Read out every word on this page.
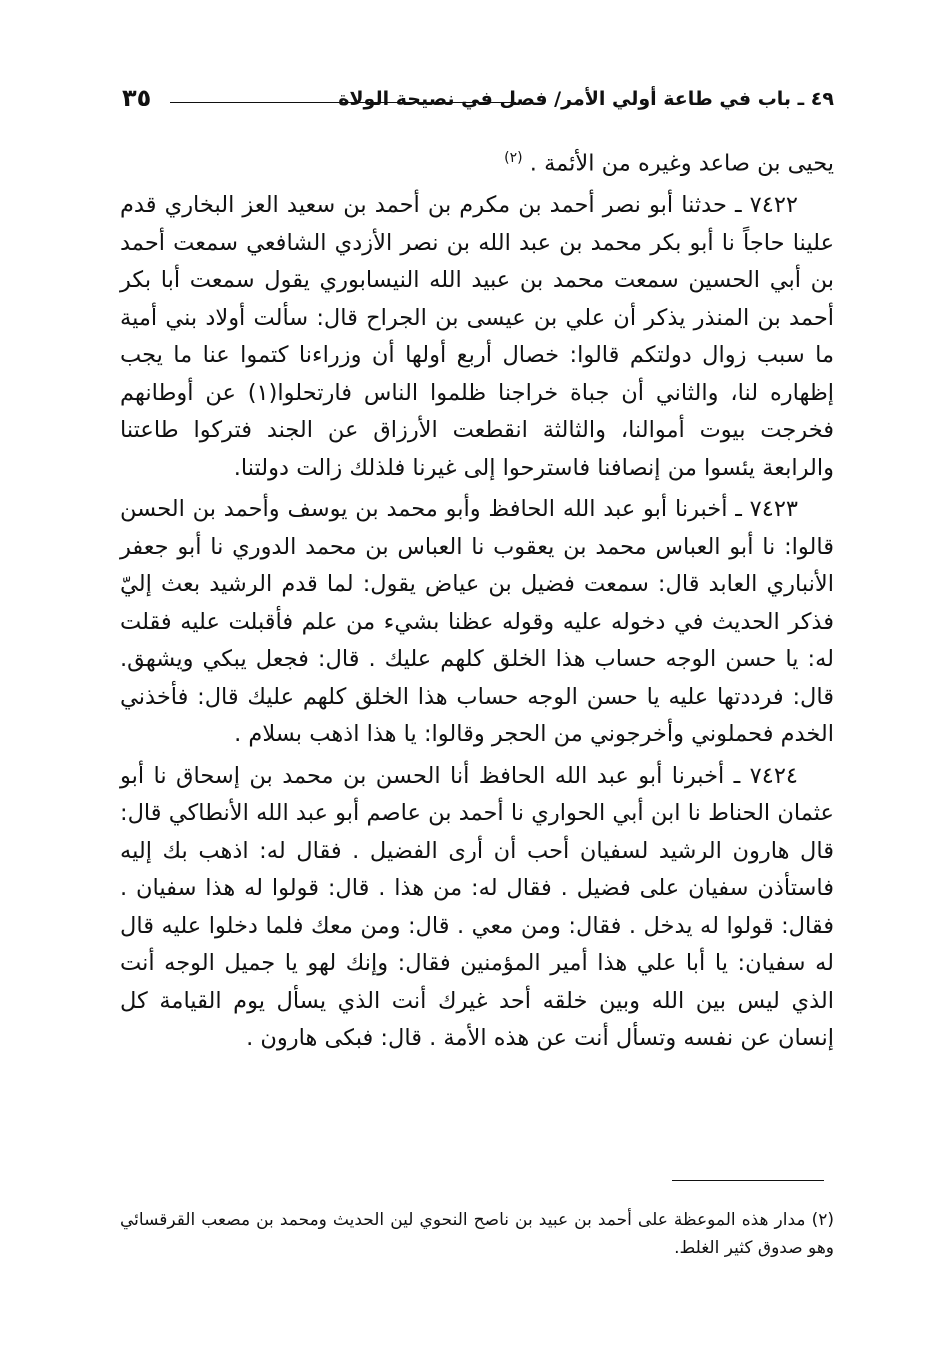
٤٩ ـ باب في طاعة أولي الأمر/ فصل في نصيحة الولاة
٣٥

يحيى بن صاعد وغيره من الأئمة . $^{(٢)}$

٧٤٢٢ ـ حدثنا أبو نصر أحمد بن مكرم بن أحمد بن سعيد العز البخاري قدم علينا حاجاً نا أبو بكر محمد بن عبد الله بن نصر الأزدي الشافعي سمعت أحمد بن أبي الحسين سمعت محمد بن عبيد الله النيسابوري يقول سمعت أبا بكر أحمد بن المنذر يذكر أن علي بن عيسى بن الجراح قال: سألت أولاد بني أمية ما سبب زوال دولتكم قالوا: خصال أربع أولها أن وزراءنا كتموا عنا ما يجب إظهاره لنا، والثاني أن جباة خراجنا ظلموا الناس فارتحلوا(١) عن أوطانهم فخرجت بيوت أموالنا، والثالثة انقطعت الأرزاق عن الجند فتركوا طاعتنا والرابعة يئسوا من إنصافنا فاسترحوا إلى غيرنا فلذلك زالت دولتنا.

٧٤٢٣ ـ أخبرنا أبو عبد الله الحافظ وأبو محمد بن يوسف وأحمد بن الحسن قالوا: نا أبو العباس محمد بن يعقوب نا العباس بن محمد الدوري نا أبو جعفر الأنباري العابد قال: سمعت فضيل بن عياض يقول: لما قدم الرشيد بعث إليّ فذكر الحديث في دخوله عليه وقوله عظنا بشيء من علم فأقبلت عليه فقلت له: يا حسن الوجه حساب هذا الخلق كلهم عليك . قال: فجعل يبكي ويشهق. قال: فرددتها عليه يا حسن الوجه حساب هذا الخلق كلهم عليك قال: فأخذني الخدم فحملوني وأخرجوني من الحجر وقالوا: يا هذا اذهب بسلام .

٧٤٢٤ ـ أخبرنا أبو عبد الله الحافظ أنا الحسن بن محمد بن إسحاق نا أبو عثمان الحناط نا ابن أبي الحواري نا أحمد بن عاصم أبو عبد الله الأنطاكي قال: قال هارون الرشيد لسفيان أحب أن أرى الفضيل . فقال له: اذهب بك إليه فاستأذن سفيان على فضيل . فقال له: من هذا . قال: قولوا له هذا سفيان . فقال: قولوا له يدخل . فقال: ومن معي . قال: ومن معك فلما دخلوا عليه قال له سفيان: يا أبا علي هذا أمير المؤمنين فقال: وإنك لهو يا جميل الوجه أنت الذي ليس بين الله وبين خلقه أحد غيرك أنت الذي يسأل يوم القيامة كل إنسان عن نفسه وتسأل أنت عن هذه الأمة . قال: فبكى هارون .

(٢) مدار هذه الموعظة على أحمد بن عبيد بن ناصح النحوي لين الحديث ومحمد بن مصعب القرقسائي وهو صدوق كثير الغلط.
